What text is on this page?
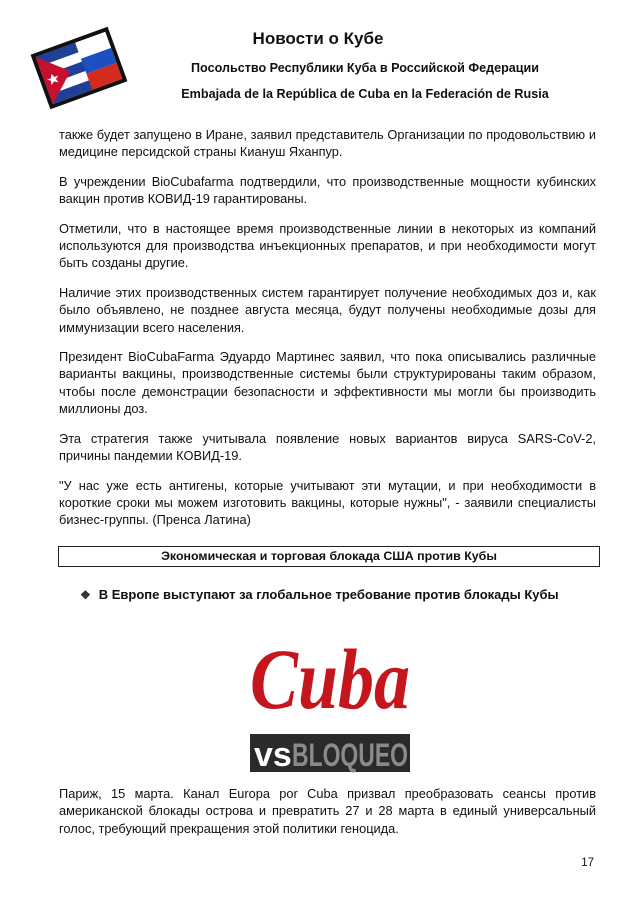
Новости о Кубе
Посольство Республики Куба в Российской Федерации
Embajada de la República de Cuba en la Federación de Rusia

также будет запущено в Иране, заявил представитель Организации по продовольствию и медицине персидской страны Киануш Яханпур.

В учреждении BioCubafarma подтвердили, что производственные мощности кубинских вакцин против КОВИД-19 гарантированы.

Отметили, что в настоящее время производственные линии в некоторых из компаний используются для производства инъекционных препаратов, и при необходимости могут быть созданы другие.

Наличие этих производственных систем гарантирует получение необходимых доз и, как было объявлено, не позднее августа месяца, будут получены необходимые дозы для иммунизации всего населения.

Президент BioCubaFarma Эдуардо Мартинес заявил, что пока описывались различные варианты вакцины, производственные системы были структурированы таким образом, чтобы после демонстрации безопасности и эффективности мы могли бы производить миллионы доз.

Эта стратегия также учитывала появление новых вариантов вируса SARS-CoV-2, причины пандемии КОВИД-19.

"У нас уже есть антигены, которые учитывают эти мутации, и при необходимости в короткие сроки мы можем изготовить вакцины, которые нужны", - заявили специалисты бизнес-группы. (Пренса Латина)

Экономическая и торговая блокада США против Кубы
❖ В Европе выступают за глобальное требование против блокады Кубы
Cuba
vs BLOQUEO

Париж, 15 марта. Канал Europa por Cuba призвал преобразовать сеансы против американской блокады острова и превратить 27 и 28 марта в единый универсальный голос, требующий прекращения этой политики геноцида.

17
